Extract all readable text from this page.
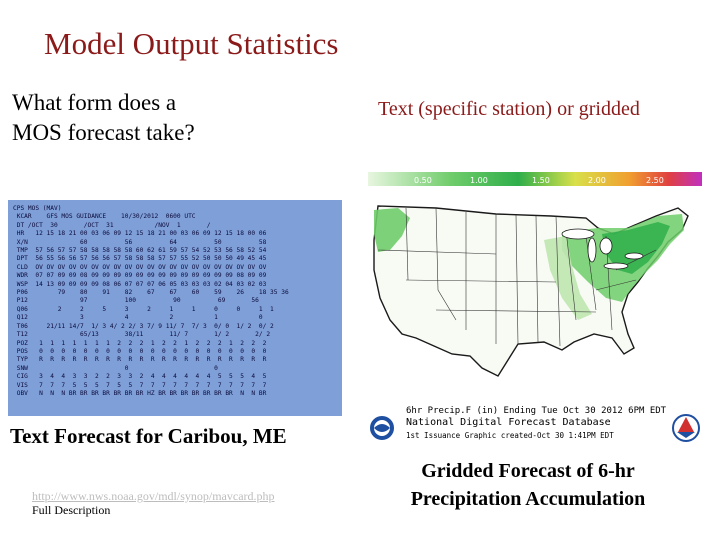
Model Output Statistics
What form does a
MOS forecast take?
Text (specific station) or gridded
CPS MOS (MAV)
KCAR    GFS MOS GUIDANCE    10/30/2012  0600 UTC
DT /OCT  30       /OCT  31           /NOV  1       /
HR   12 15 18 21 00 03 06 09 12 15 18 21 00 03 06 09 12 15 18 00 06
X/N              60          56          64          50          58
TMP  57 56 57 57 58 58 58 58 58 60 62 61 59 57 54 52 53 56 58 52 54
DPT  56 55 56 56 57 56 56 57 58 58 58 57 57 55 52 50 50 50 49 45 45
CLD  OV OV OV OV OV OV OV OV OV OV OV OV OV OV OV OV OV OV OV OV OV
WDR  07 07 09 09 08 09 09 09 09 09 09 09 09 09 09 09 09 09 08 09 09
WSP  14 13 09 09 09 09 08 06 07 07 07 06 05 03 03 03 02 04 03 02 03
P06        79    80    91    82    67    67    60    59    26    18 35 36
P12              97          100          90          69       56
Q06        2     2     5     3     2     1     1     0     0     1  1
Q12              3           4           2           1           0
T06     21/11 14/7  1/ 3 4/ 2 2/ 3 7/ 9 11/ 7  7/ 3  0/ 0  1/ 2  0/ 2
T12              65/13       38/11       11/ 7       1/ 2       2/ 2
POZ   1  1  1  1  1  1  1  2  2  2  1  2  2  1  2  2  2  1  2  2  2
POS   0  0  0  0  0  0  0  0  0  0  0  0  0  0  0  0  0  0  0  0  0
TYP   R  R  R  R  R  R  R  R  R  R  R  R  R  R  R  R  R  R  R  R  R
SNW                          0                       0
CIG   3  4  4  3  3  2  2  3  3  2  4  4  4  4  4  4  5  5  5  4  5
VIS   7  7  7  5  5  5  7  5  5  7  7  7  7  7  7  7  7  7  7  7  7
OBV   N  N  N BR BR BR BR BR BR BR HZ BR BR BR BR BR BR BR  N  N BR
Text Forecast for Caribou, ME
http://www.nws.noaa.gov/mdl/synop/mavcard.php
Full Description
0.50	1.00	1.50	2.00	2.50
6hr Precip.F (in) Ending Tue Oct 30 2012 6PM EDT
National Digital Forecast Database
1st Issuance Graphic created-Oct 30 1:41PM EDT
Gridded Forecast of 6-hr
Precipitation Accumulation
